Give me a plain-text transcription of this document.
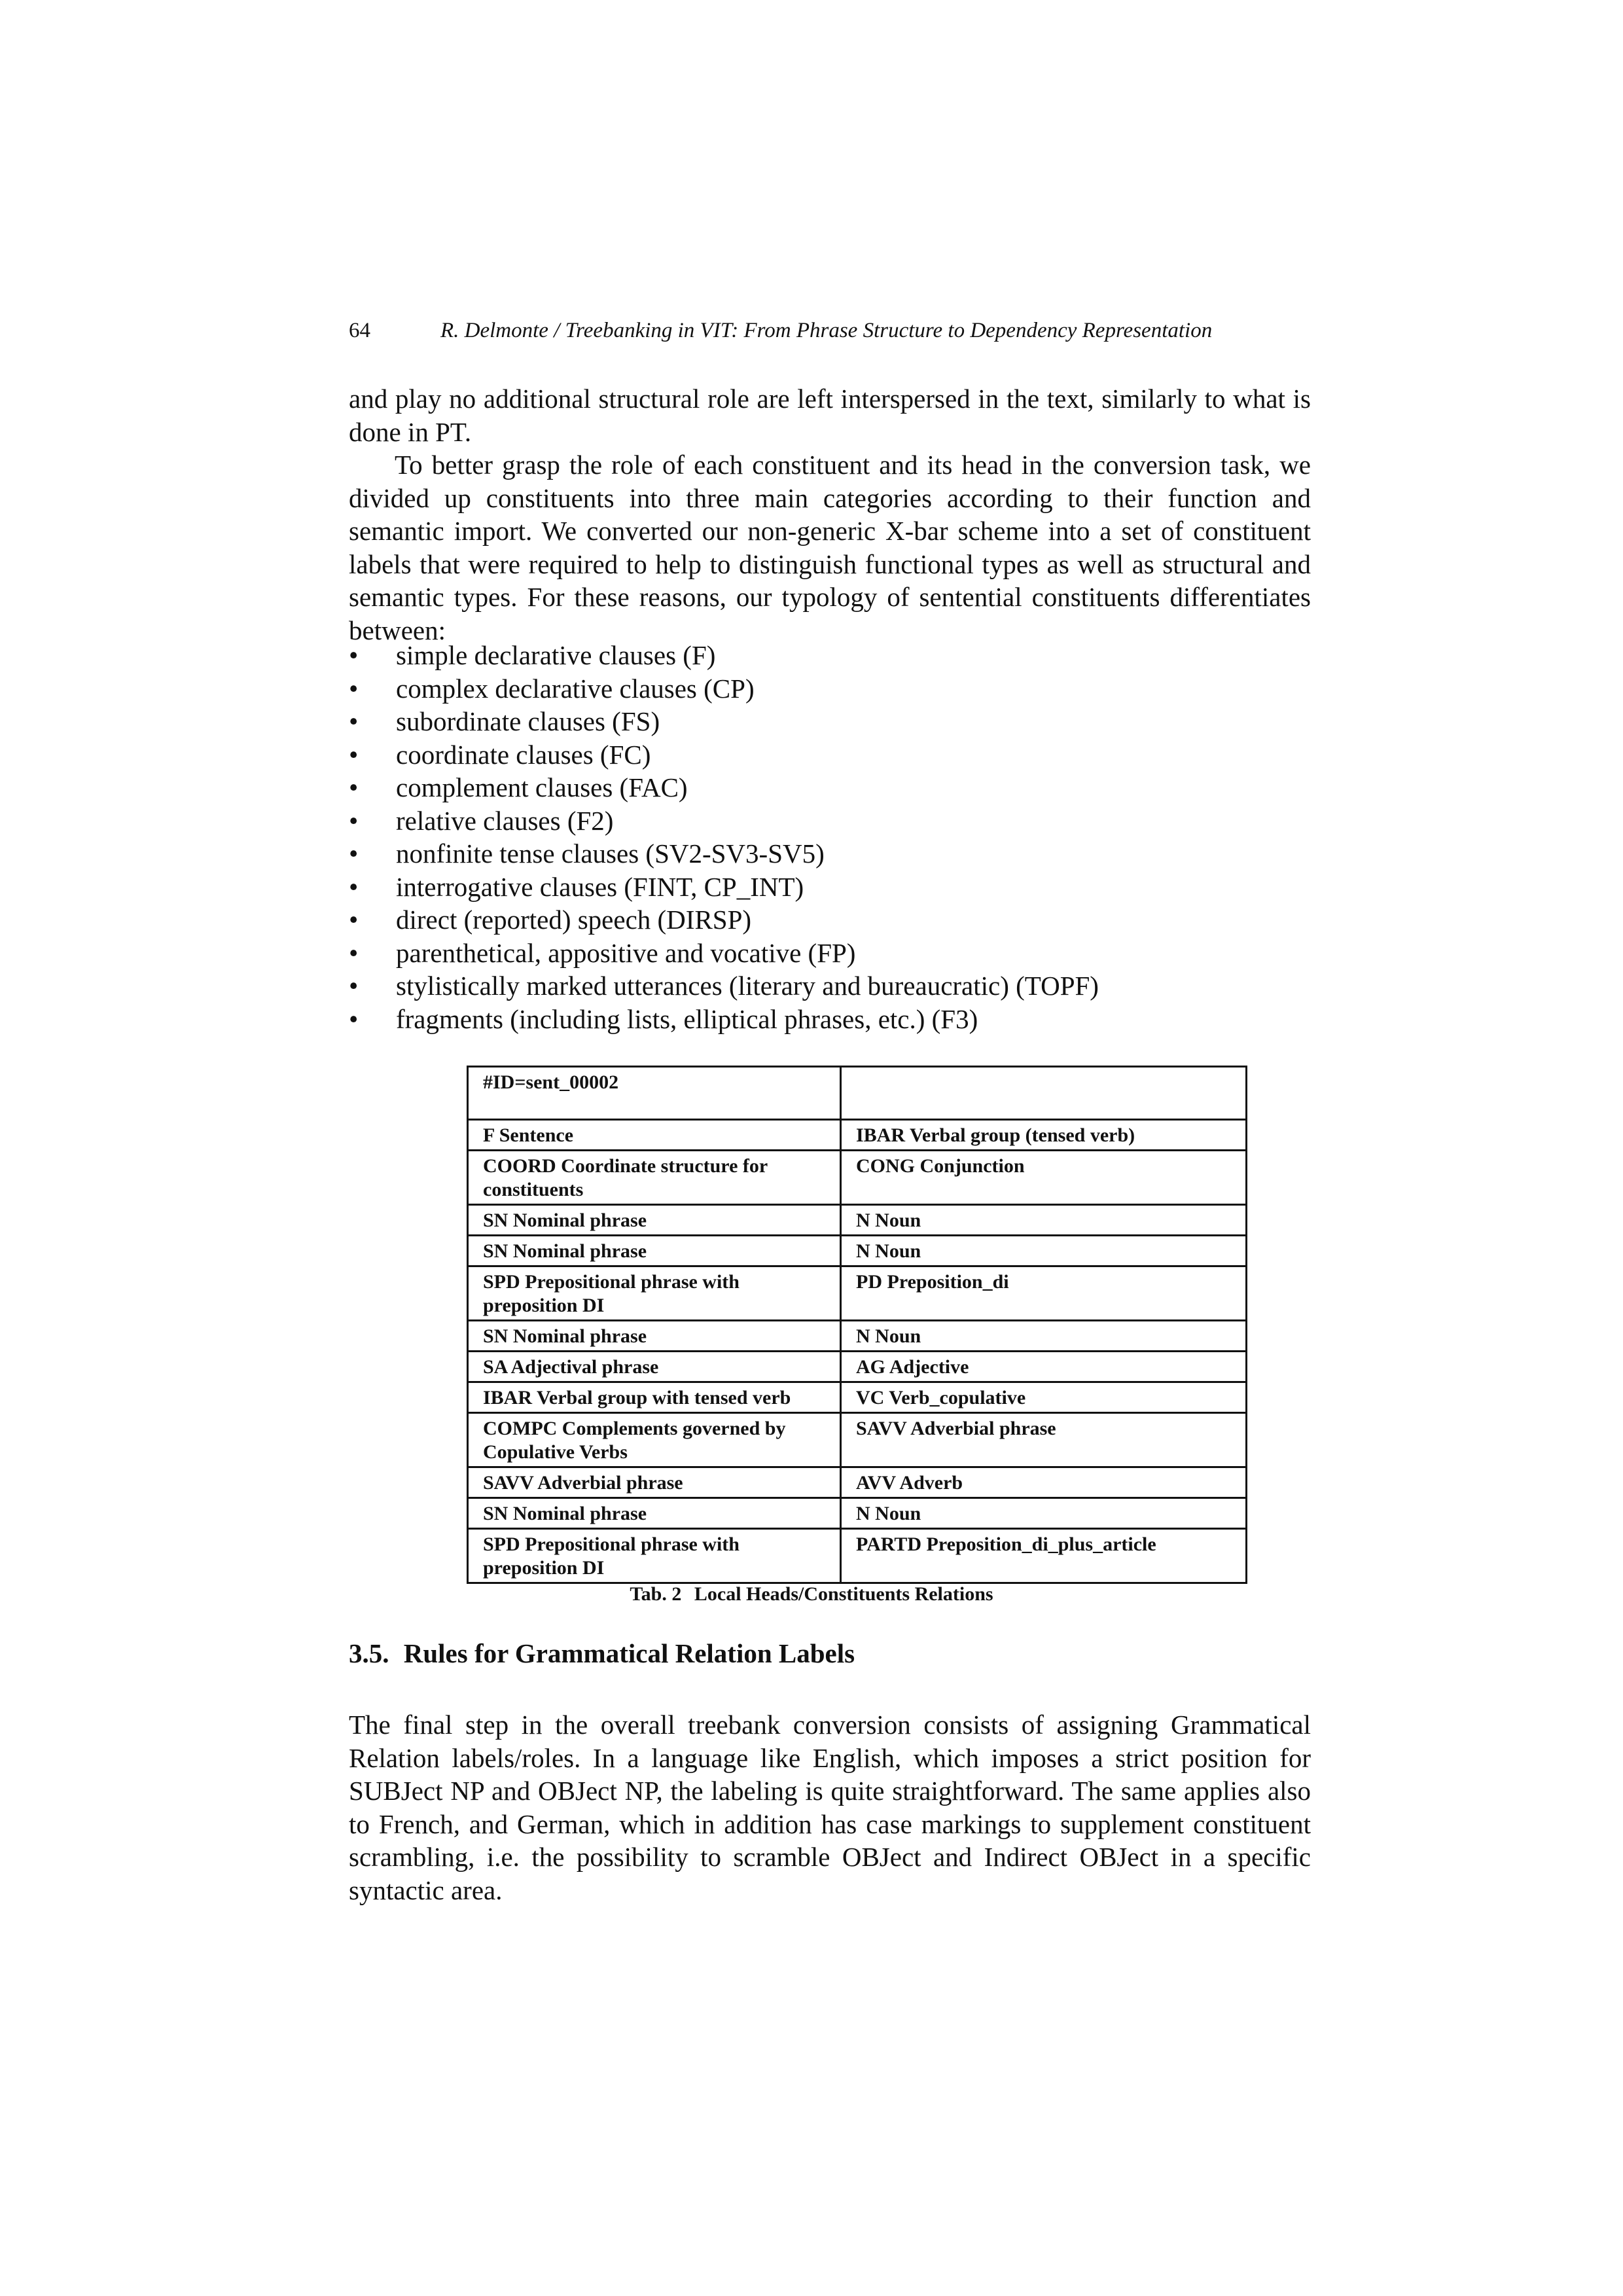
64	R. Delmonte / Treebanking in VIT: From Phrase Structure to Dependency Representation

and play no additional structural role are left interspersed in the text, similarly to what is done in PT.

To better grasp the role of each constituent and its head in the conversion task, we divided up constituents into three main categories according to their function and semantic import. We converted our non-generic X-bar scheme into a set of constituent labels that were required to help to distinguish functional types as well as structural and semantic types. For these reasons, our typology of sentential constituents differentiates between:

•	simple declarative clauses (F)
•	complex declarative clauses (CP)
•	subordinate clauses (FS)
•	coordinate clauses (FC)
•	complement clauses (FAC)
•	relative clauses (F2)
•	nonfinite tense clauses (SV2-SV3-SV5)
•	interrogative clauses (FINT, CP_INT)
•	direct (reported) speech (DIRSP)
•	parenthetical, appositive and vocative (FP)
•	stylistically marked utterances (literary and bureaucratic) (TOPF)
•	fragments (including lists, elliptical phrases, etc.) (F3)
#ID=sent_00002	
F Sentence	IBAR Verbal group (tensed verb)
COORD Coordinate structure for constituents	CONG Conjunction
SN Nominal phrase	N Noun
SN Nominal phrase	N Noun
SPD Prepositional phrase with preposition DI	PD Preposition_di
SN Nominal phrase	N Noun
SA Adjectival phrase	AG Adjective
IBAR Verbal group with tensed verb	VC Verb_copulative
COMPC Complements governed by Copulative Verbs	SAVV Adverbial phrase
SAVV Adverbial phrase	AVV Adverb
SN Nominal phrase	N Noun
SPD Prepositional phrase with preposition DI	PARTD Preposition_di_plus_article
Tab. 2 Local Heads/Constituents Relations
3.5. Rules for Grammatical Relation Labels

The final step in the overall treebank conversion consists of assigning Grammatical Relation labels/roles. In a language like English, which imposes a strict position for SUBJect NP and OBJect NP, the labeling is quite straightforward. The same applies also to French, and German, which in addition has case markings to supplement constituent scrambling, i.e. the possibility to scramble OBJect and Indirect OBJect in a specific syntactic area.
